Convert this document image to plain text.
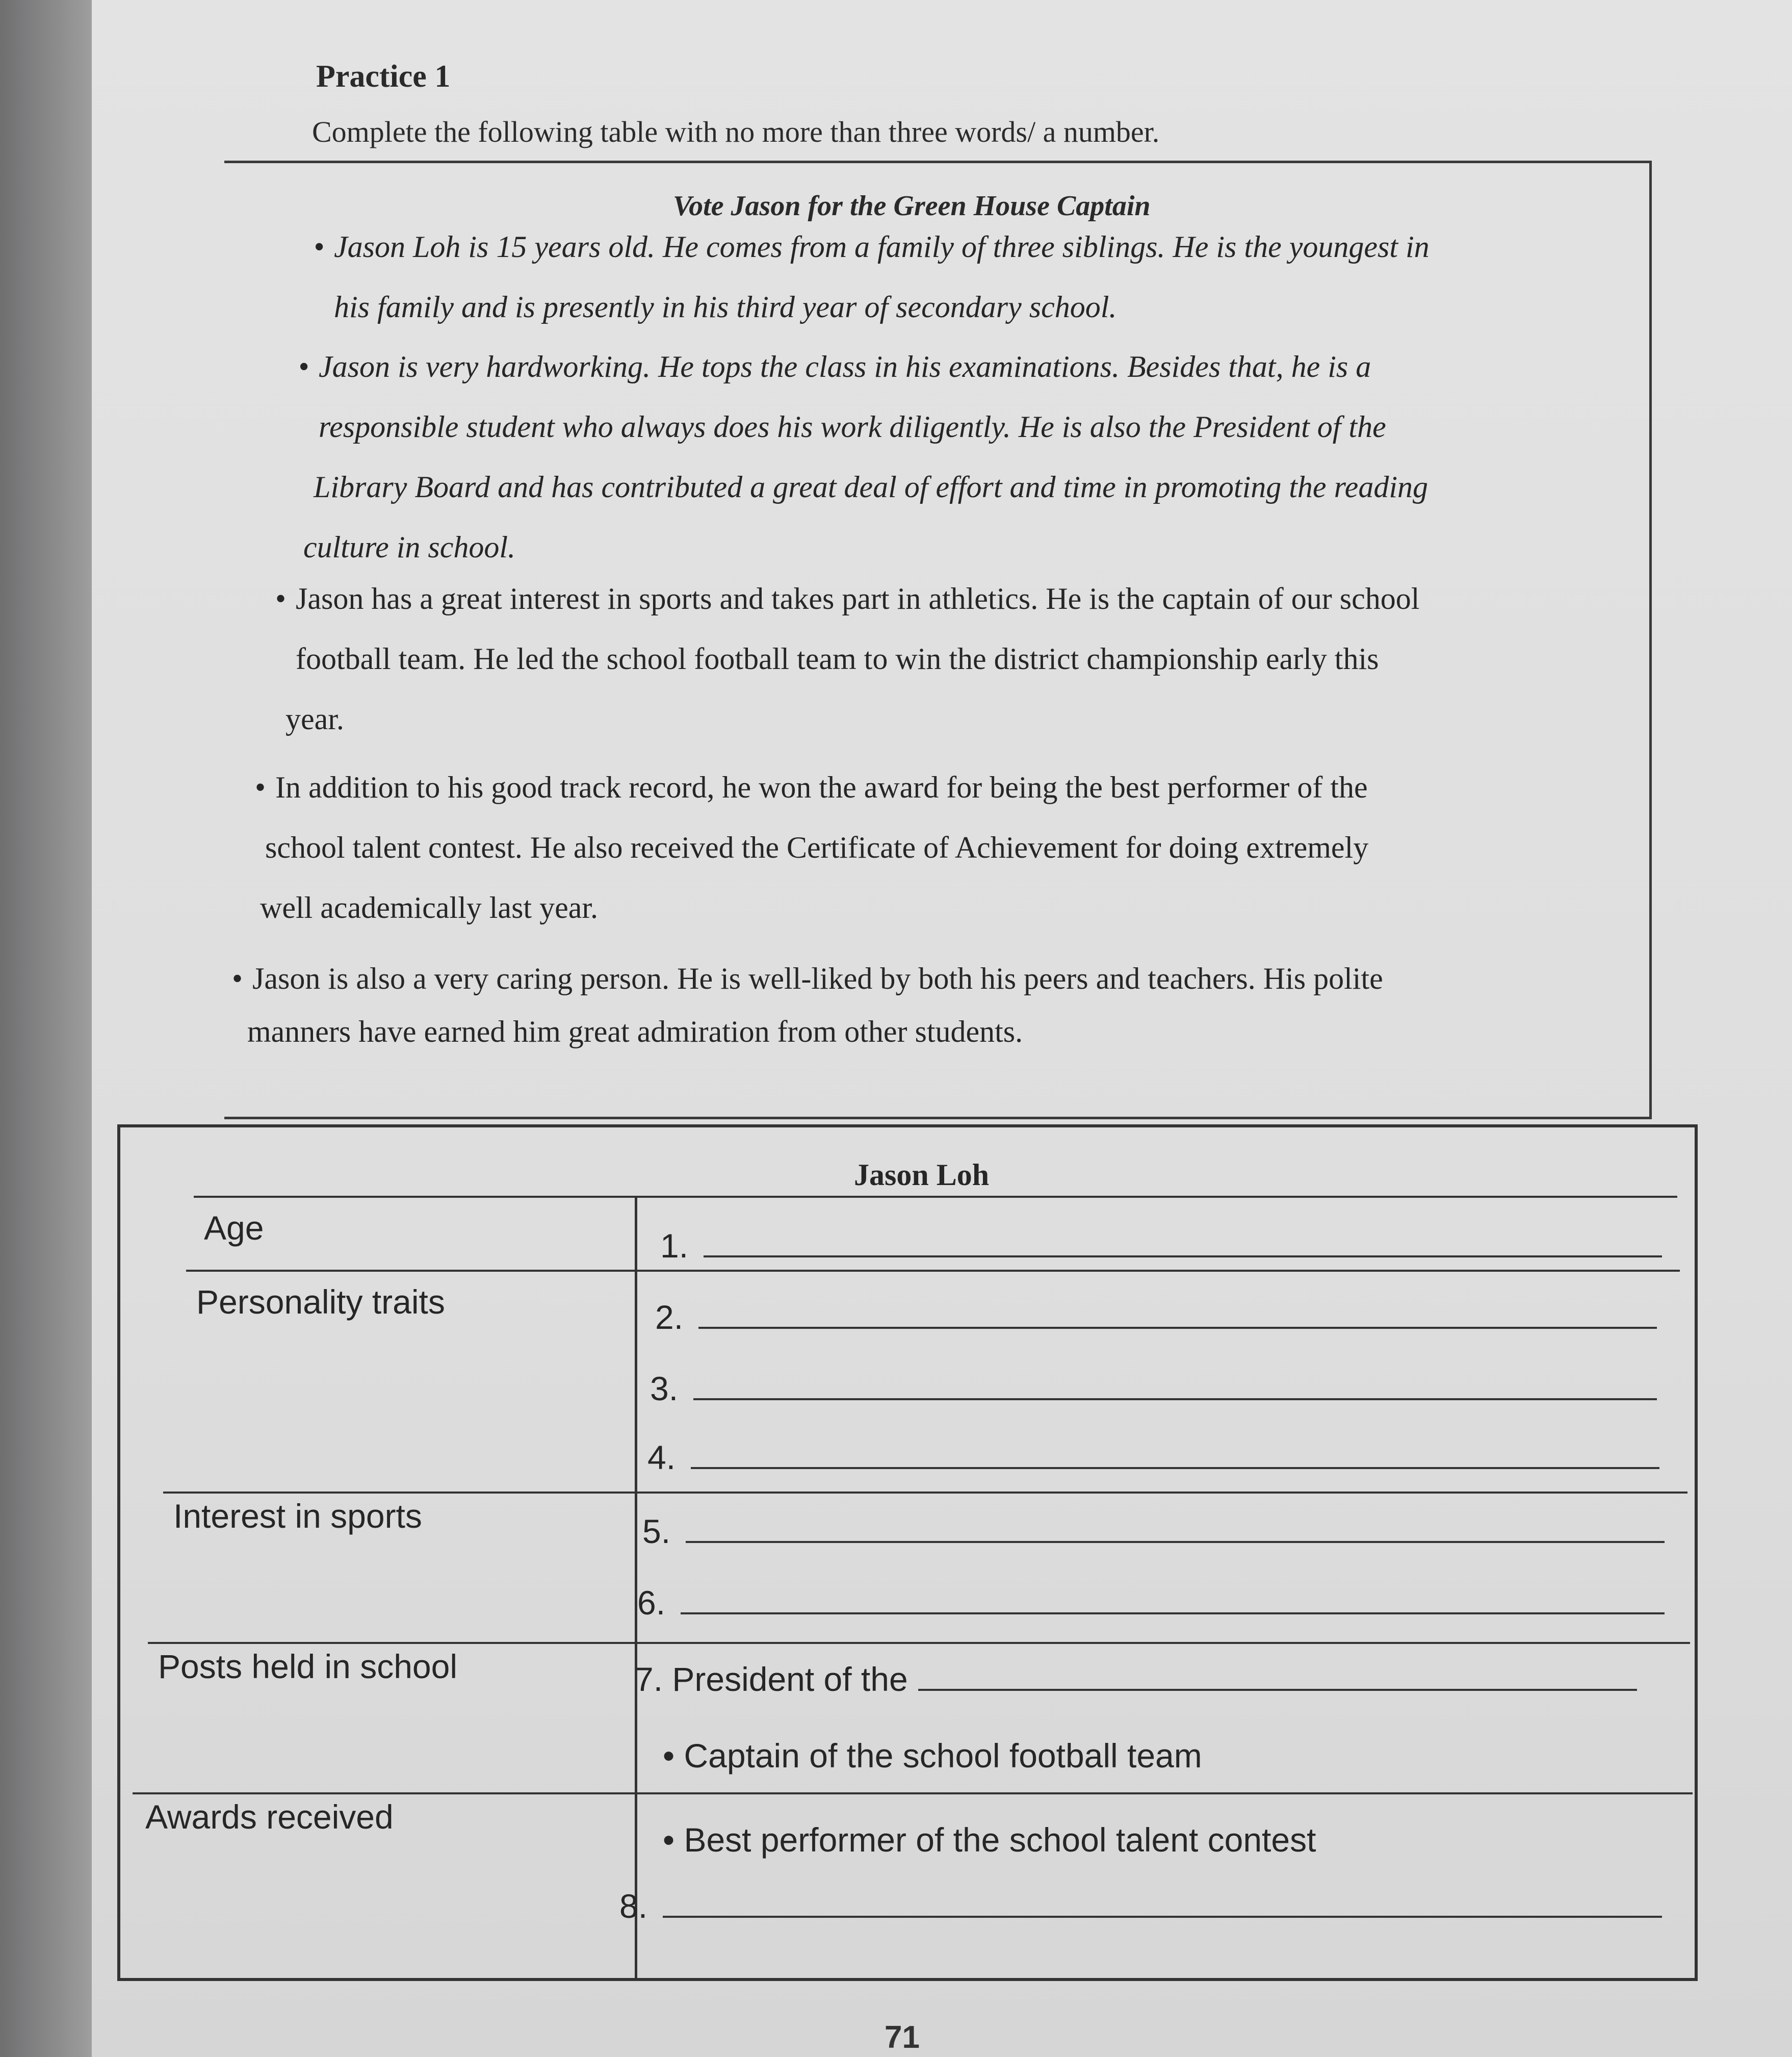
Practice 1
Complete the following table with no more than three words/ a number.
Vote Jason for the Green House Captain
• Jason Loh is 15 years old. He comes from a family of three siblings. He is the youngest in
his family and is presently in his third year of secondary school.
• Jason is very hardworking. He tops the class in his examinations. Besides that, he is a
responsible student who always does his work diligently. He is also the President of the
Library Board and has contributed a great deal of effort and time in promoting the reading
culture in school.
• Jason has a great interest in sports and takes part in athletics. He is the captain of our school
football team. He led the school football team to win the district championship early this
year.
• In addition to his good track record, he won the award for being the best performer of the
school talent contest. He also received the Certificate of Achievement for doing extremely
well academically last year.
• Jason is also a very caring person. He is well-liked by both his peers and teachers. His polite
manners have earned him great admiration from other students.
Jason Loh
Age
Personality traits
Interest in sports
Posts held in school
Awards received
1.
2.
3.
4.
5.
6.
7. President of the
• Captain of the school football team
• Best performer of the school talent contest
8.
71
